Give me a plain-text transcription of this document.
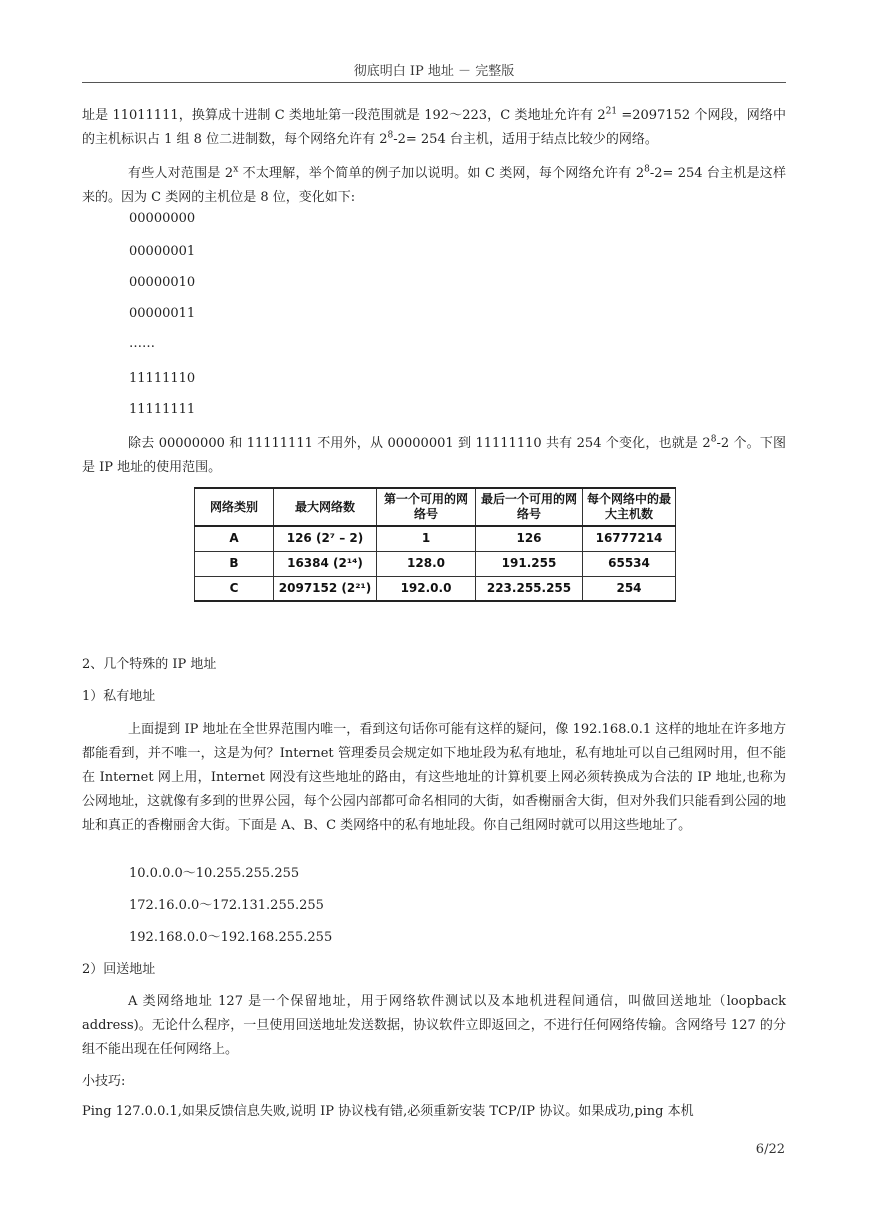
彻底明白 IP 地址 － 完整版
址是 11011111，换算成十进制 C 类地址第一段范围就是 192～223，C 类地址允许有 $2^{21} =2097152$ 个网段，网络中的主机标识占 1 组 8 位二进制数，每个网络允许有 $2^8-2= 254$ 台主机，适用于结点比较少的网络。
有些人对范围是 2$^x$ 不太理解，举个简单的例子加以说明。如 C 类网，每个网络允许有 $2^8-2= 254$ 台主机是这样来的。因为 C 类网的主机位是 8 位，变化如下:
00000000
00000001
00000010
00000011
……
11111110
11111111
除去 00000000 和 11111111 不用外，从 00000001 到 11111110 共有 254 个变化，也就是 $2^8-2$ 个。下图是 IP 地址的使用范围。
网络类别	最大网络数	第一个可用的网络号	最后一个可用的网络号	每个网络中的最大主机数
A	126 (2⁷ – 2)	1	126	16777214
B	16384 (2¹⁴)	128.0	191.255	65534
C	2097152 (2²¹)	192.0.0	223.255.255	254
2、几个特殊的 IP 地址
1）私有地址
上面提到 IP 地址在全世界范围内唯一，看到这句话你可能有这样的疑问，像 192.168.0.1 这样的地址在许多地方都能看到，并不唯一，这是为何？Internet 管理委员会规定如下地址段为私有地址，私有地址可以自己组网时用，但不能在 Internet 网上用，Internet 网没有这些地址的路由，有这些地址的计算机要上网必须转换成为合法的 IP 地址,也称为公网地址，这就像有多到的世界公园，每个公园内部都可命名相同的大街，如香榭丽舍大街，但对外我们只能看到公园的地址和真正的香榭丽舍大街。下面是 A、B、C 类网络中的私有地址段。你自己组网时就可以用这些地址了。
10.0.0.0～10.255.255.255
172.16.0.0～172.131.255.255
192.168.0.0～192.168.255.255
2）回送地址
A 类网络地址 127 是一个保留地址，用于网络软件测试以及本地机进程间通信，叫做回送地址（loopback address)。无论什么程序，一旦使用回送地址发送数据，协议软件立即返回之，不进行任何网络传输。含网络号 127 的分组不能出现在任何网络上。
小技巧:
Ping 127.0.0.1,如果反馈信息失败,说明 IP 协议栈有错,必须重新安装 TCP/IP 协议。如果成功,ping 本机
6/22
